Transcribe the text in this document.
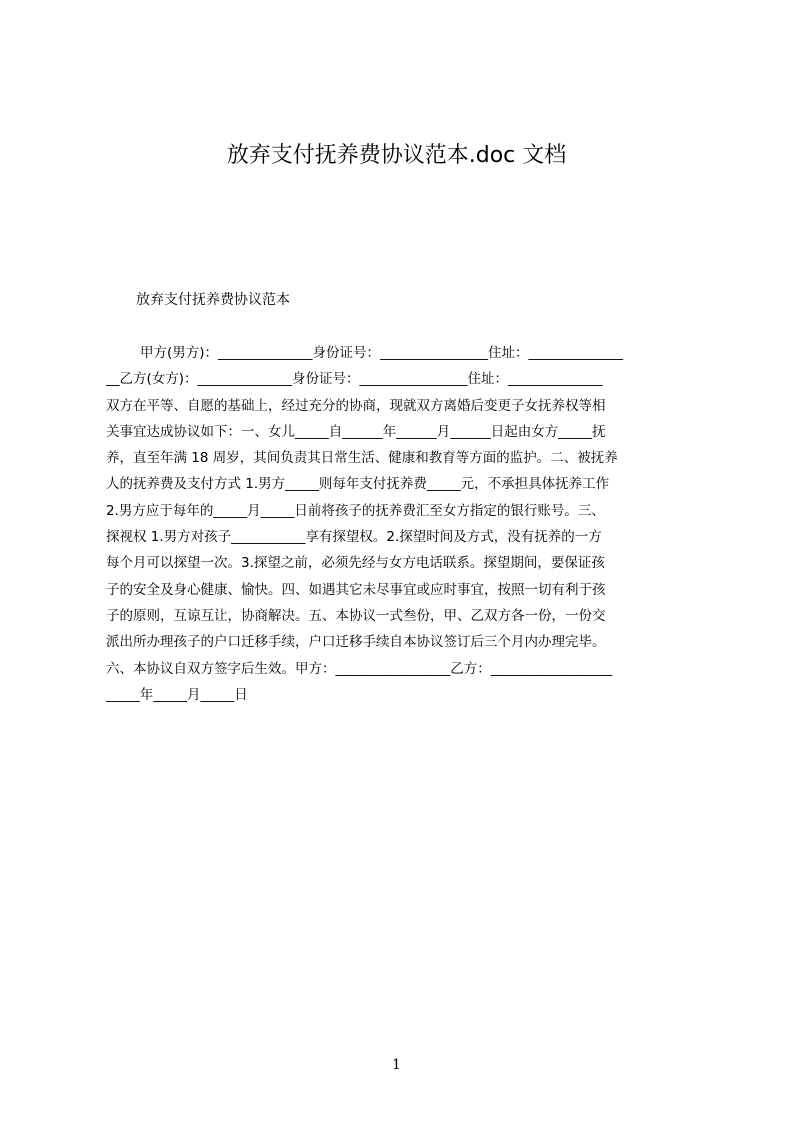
放弃支付抚养费协议范本.doc 文档
放弃支付抚养费协议范本
甲方(男方)：______________身份证号：________________住址：______________
__乙方(女方)：______________身份证号：________________住址：______________
双方在平等、自愿的基础上，经过充分的协商，现就双方离婚后变更子女抚养权等相
关事宜达成协议如下：一、女儿_____自______年______月______日起由女方_____抚
养，直至年满 18 周岁，其间负责其日常生活、健康和教育等方面的监护。二、被抚养
人的抚养费及支付方式 1.男方_____则每年支付抚养费_____元，不承担具体抚养工作
2.男方应于每年的_____月_____日前将孩子的抚养费汇至女方指定的银行账号。三、
探视权 1.男方对孩子___________享有探望权。2.探望时间及方式，没有抚养的一方
每个月可以探望一次。3.探望之前，必须先经与女方电话联系。探望期间，要保证孩
子的安全及身心健康、愉快。四、如遇其它未尽事宜或应时事宜，按照一切有利于孩
子的原则，互谅互让，协商解决。五、本协议一式叁份，甲、乙双方各一份，一份交
派出所办理孩子的户口迁移手续，户口迁移手续自本协议签订后三个月内办理完毕。
六、本协议自双方签字后生效。甲方：_________________乙方：__________________
_____年_____月_____日
1
